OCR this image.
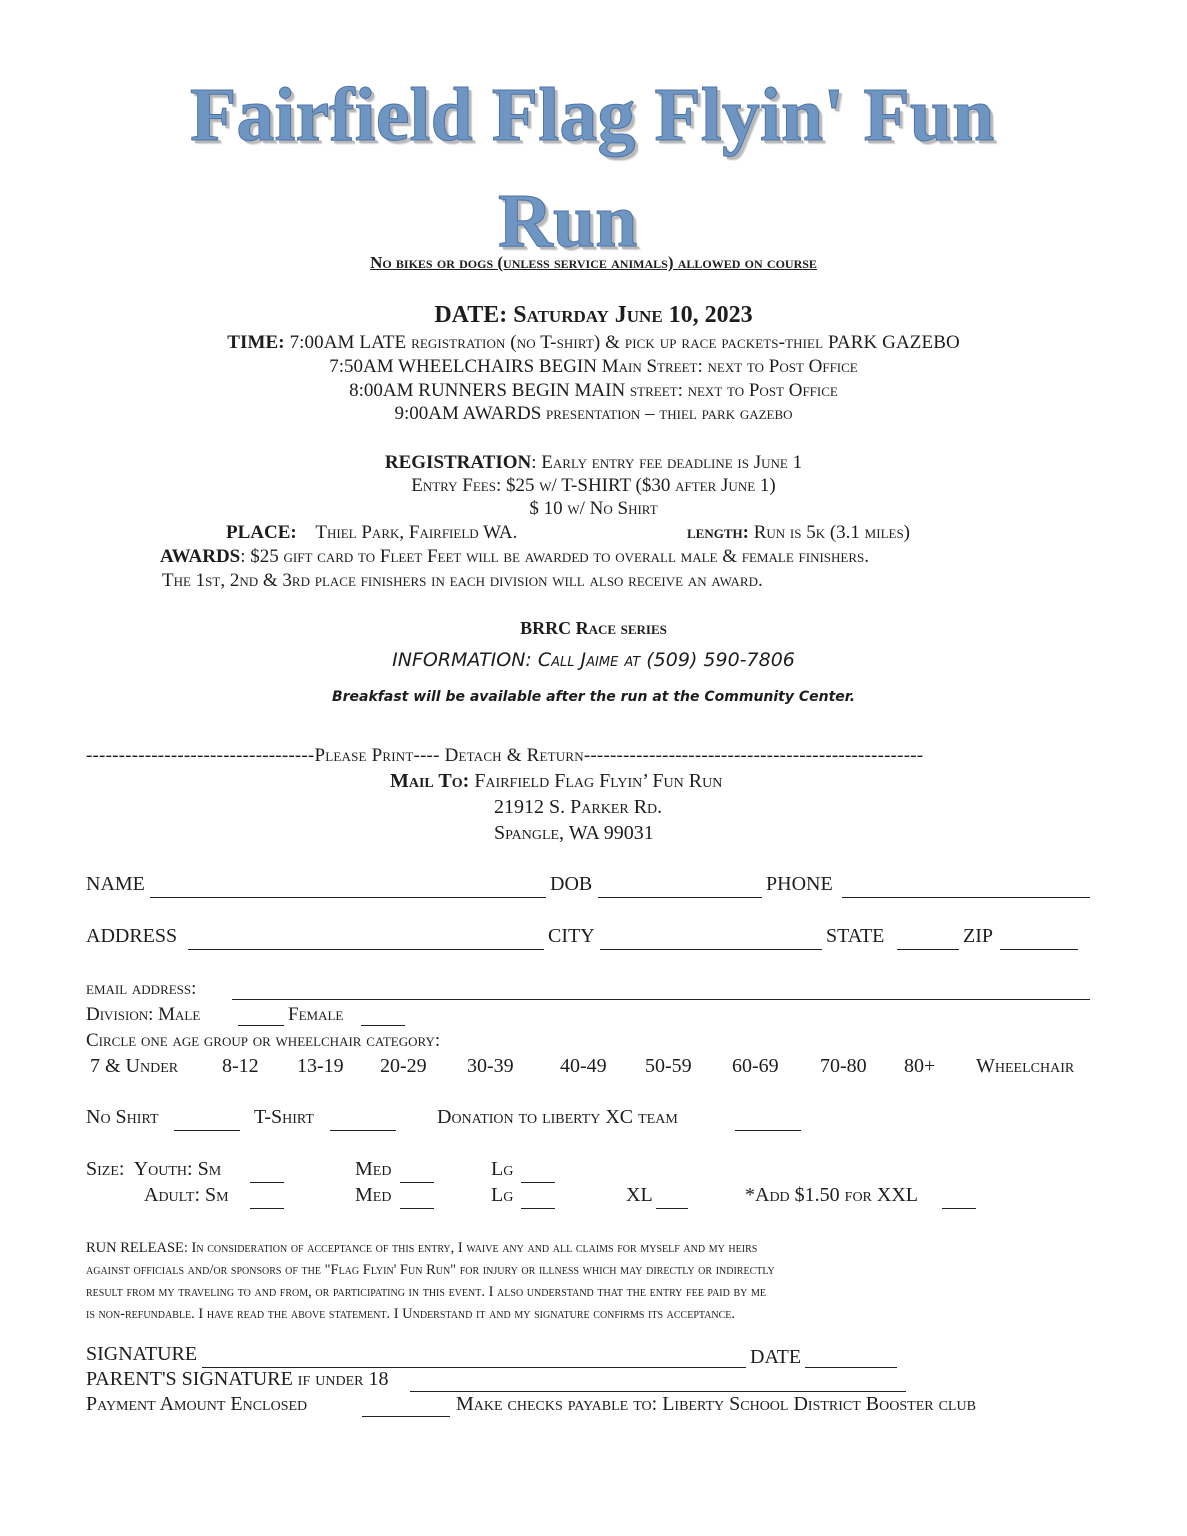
Fairfield Flag Flyin' Fun
Run
No bikes or dogs (unless service animals) allowed on course
DATE: Saturday June 10, 2023
TIME: 7:00AM LATE registration (no T-shirt) & pick up race packets-thiel PARK GAZEBO
7:50AM WHEELCHAIRS BEGIN Main Street: next to Post Office
8:00AM RUNNERS BEGIN MAIN street: next to Post Office
9:00AM AWARDS presentation – thiel park gazebo
REGISTRATION: Early entry fee deadline is June 1
Entry Fees: $25 w/ T-SHIRT ($30 after June 1)
$ 10 w/ No Shirt
PLACE: Thiel Park, Fairfield WA.	length: Run is 5k (3.1 miles)
AWARDS: $25 gift card to Fleet Feet will be awarded to overall male & female finishers.
The 1st, 2nd & 3rd place finishers in each division will also receive an award.
BRRC Race series
INFORMATION: Call Jaime at (509) 590-7806
Breakfast will be available after the run at the Community Center.
-----------------------------------Please Print---- Detach & Return----------------------------------------------------
Mail To: Fairfield Flag Flyin’ Fun Run
21912 S. Parker Rd.
Spangle, WA 99031
NAME	DOB	PHONE
ADDRESS	CITY	STATE	ZIP
email address:
Division: Male	Female
Circle one age group or wheelchair category:
7 & Under 8-12 13-19 20-29 30-39 40-49 50-59 60-69 70-80 80+ Wheelchair
No Shirt	T-Shirt	Donation to liberty XC team
Size: Youth: Sm	Med	Lg
Adult: Sm	Med	Lg	XL	*Add $1.50 for XXL
RUN RELEASE: In consideration of acceptance of this entry, I waive any and all claims for myself and my heirs
against officials and/or sponsors of the "Flag Flyin' Fun Run" for injury or illness which may directly or indirectly
result from my traveling to and from, or participating in this event. I also understand that the entry fee paid by me
is non-refundable. I have read the above statement. I Understand it and my signature confirms its acceptance.
SIGNATURE	DATE
PARENT'S SIGNATURE if under 18
Payment Amount Enclosed	Make checks payable to: Liberty School District Booster club
